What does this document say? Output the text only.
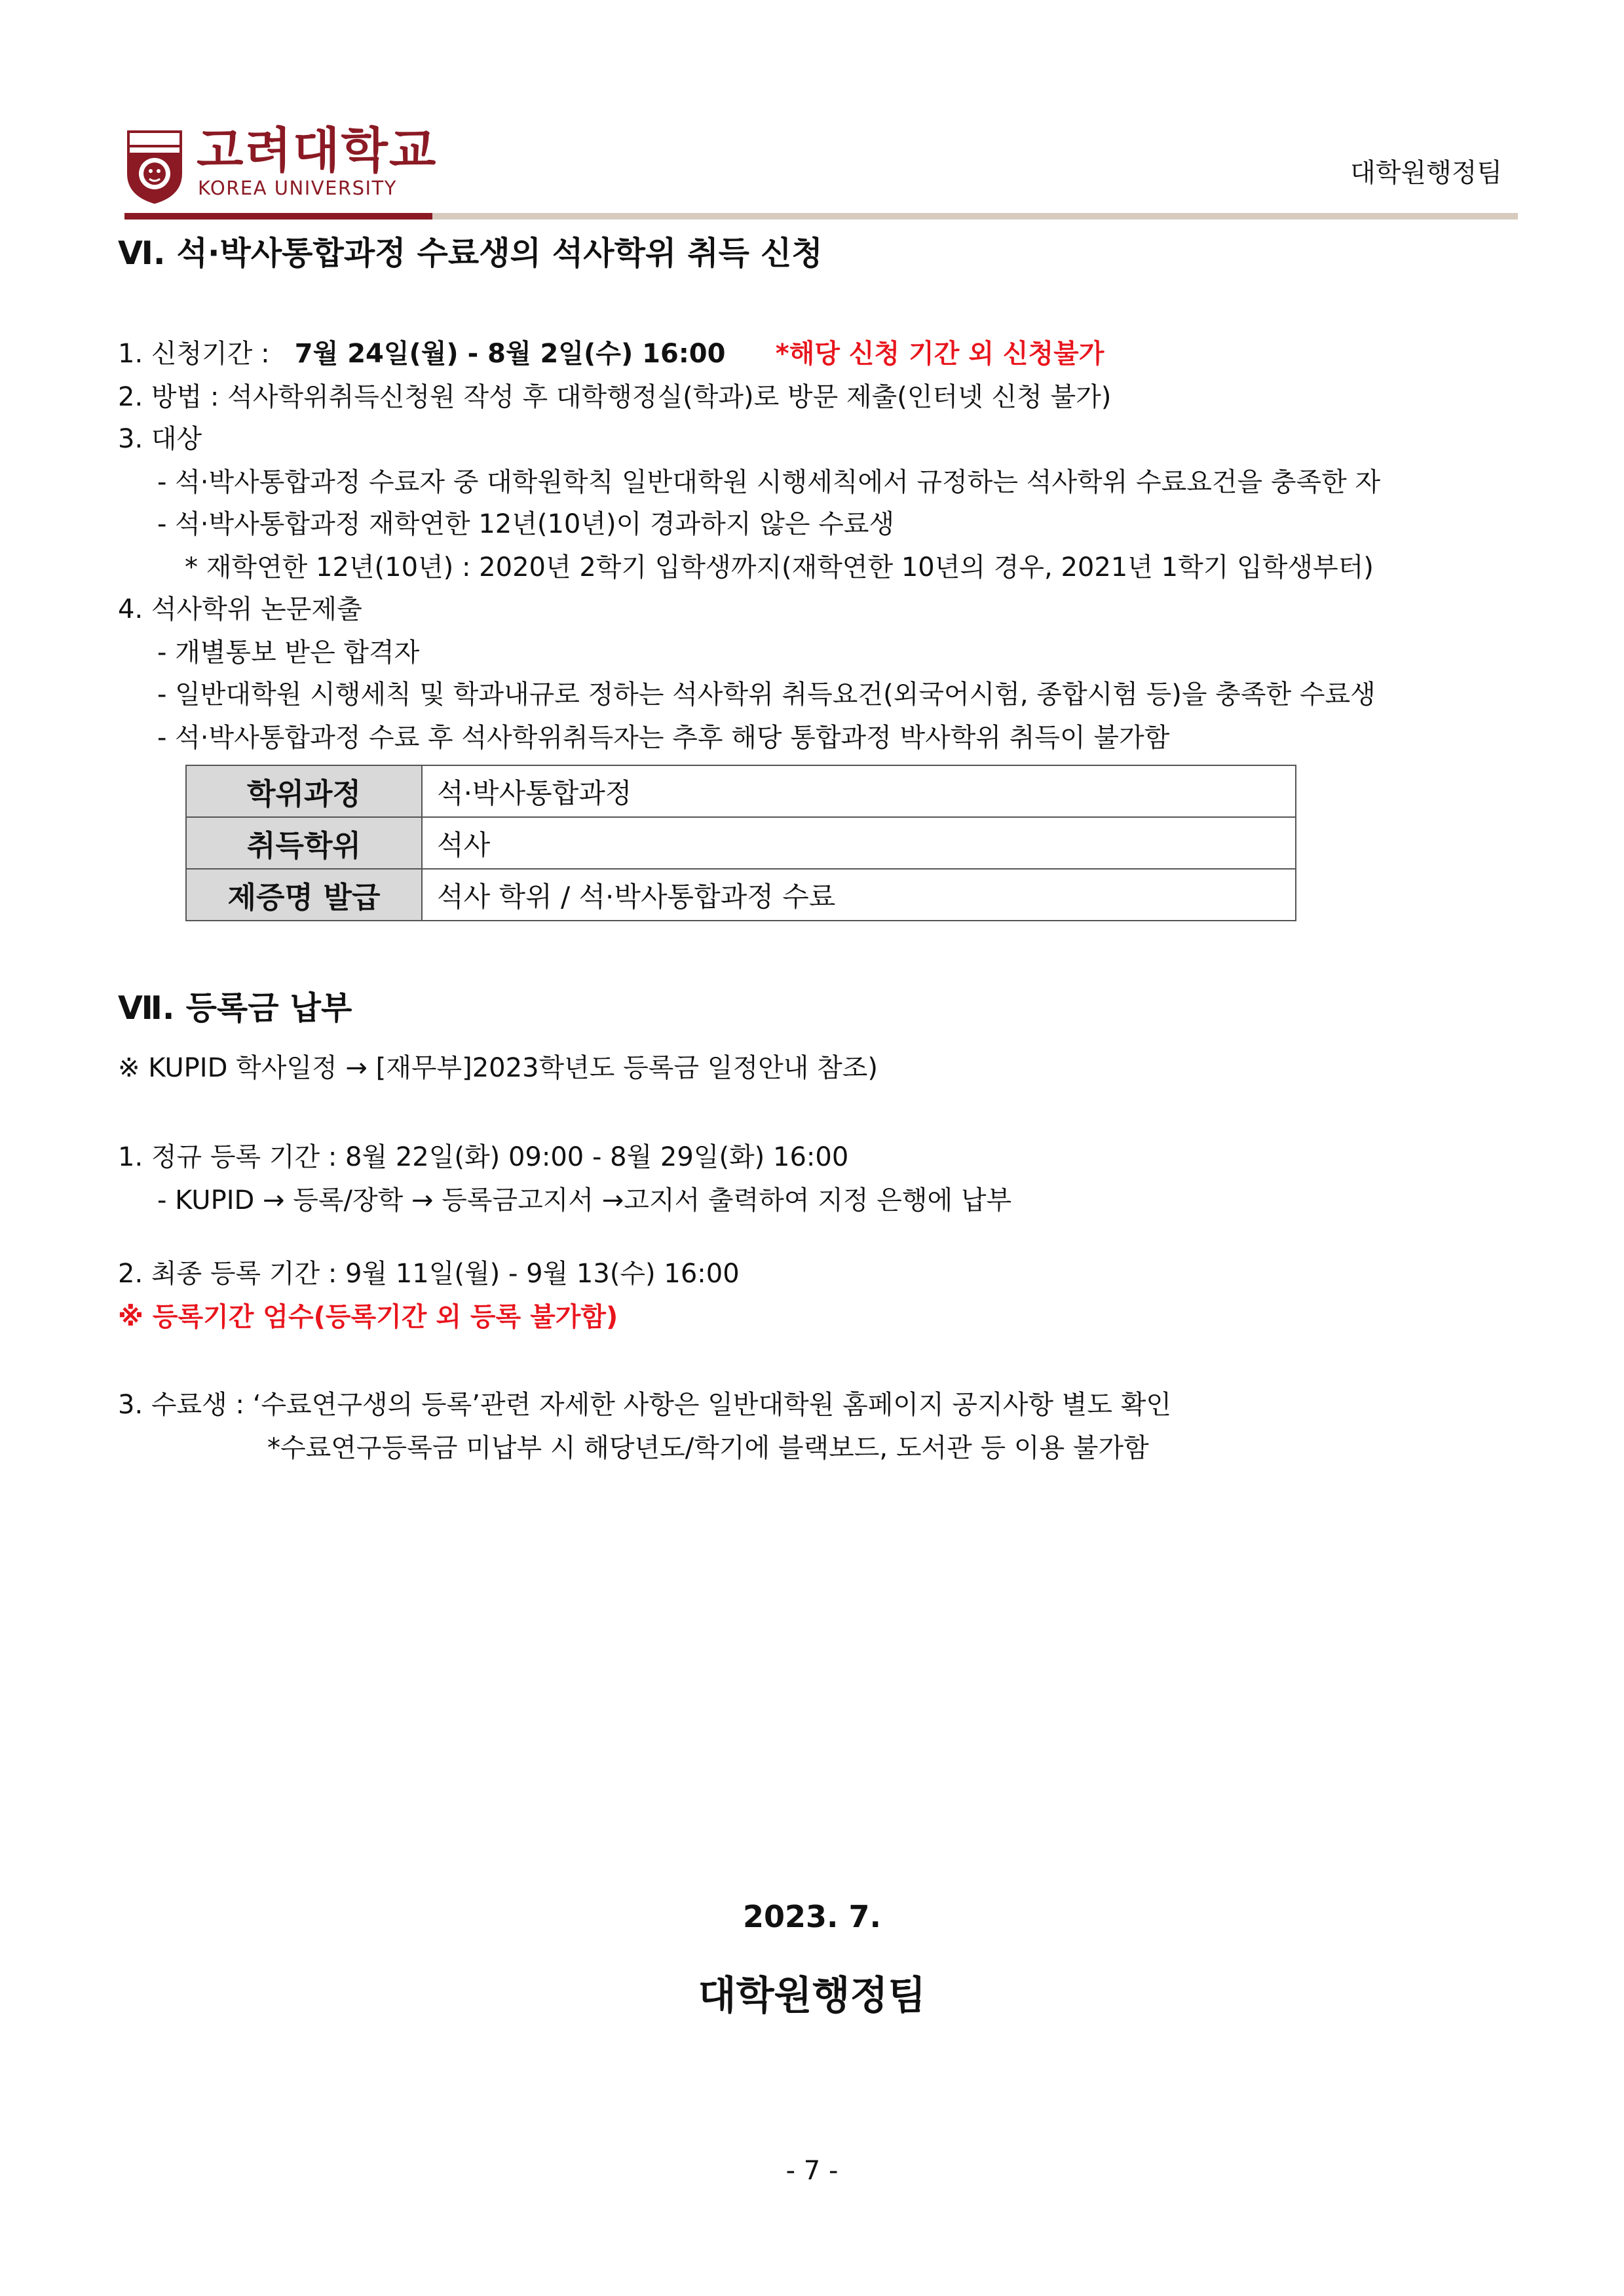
고려대학교
KOREA UNIVERSITY	대학원행정팀
Ⅵ. 석·박사통합과정 수료생의 석사학위 취득 신청
1. 신청기간 : 7월 24일(월) - 8월 2일(수) 16:00 *해당 신청 기간 외 신청불가
2. 방법 : 석사학위취득신청원 작성 후 대학행정실(학과)로 방문 제출(인터넷 신청 불가)
3. 대상
- 석·박사통합과정 수료자 중 대학원학칙 일반대학원 시행세칙에서 규정하는 석사학위 수료요건을 충족한 자
- 석·박사통합과정 재학연한 12년(10년)이 경과하지 않은 수료생
* 재학연한 12년(10년) : 2020년 2학기 입학생까지(재학연한 10년의 경우, 2021년 1학기 입학생부터)
4. 석사학위 논문제출
- 개별통보 받은 합격자
- 일반대학원 시행세칙 및 학과내규로 정하는 석사학위 취득요건(외국어시험, 종합시험 등)을 충족한 수료생
- 석·박사통합과정 수료 후 석사학위취득자는 추후 해당 통합과정 박사학위 취득이 불가함
학위과정	석·박사통합과정
취득학위	석사
제증명 발급	석사 학위 / 석·박사통합과정 수료
Ⅶ. 등록금 납부
※ KUPID 학사일정 → [재무부]2023학년도 등록금 일정안내 참조)
1. 정규 등록 기간 : 8월 22일(화) 09:00 - 8월 29일(화) 16:00
- KUPID → 등록/장학 → 등록금고지서 →고지서 출력하여 지정 은행에 납부
2. 최종 등록 기간 : 9월 11일(월) - 9월 13(수) 16:00
※ 등록기간 엄수(등록기간 외 등록 불가함)
3. 수료생 : ‘수료연구생의 등록’관련 자세한 사항은 일반대학원 홈페이지 공지사항 별도 확인
*수료연구등록금 미납부 시 해당년도/학기에 블랙보드, 도서관 등 이용 불가함
2023. 7.
대학원행정팀
- 7 -
